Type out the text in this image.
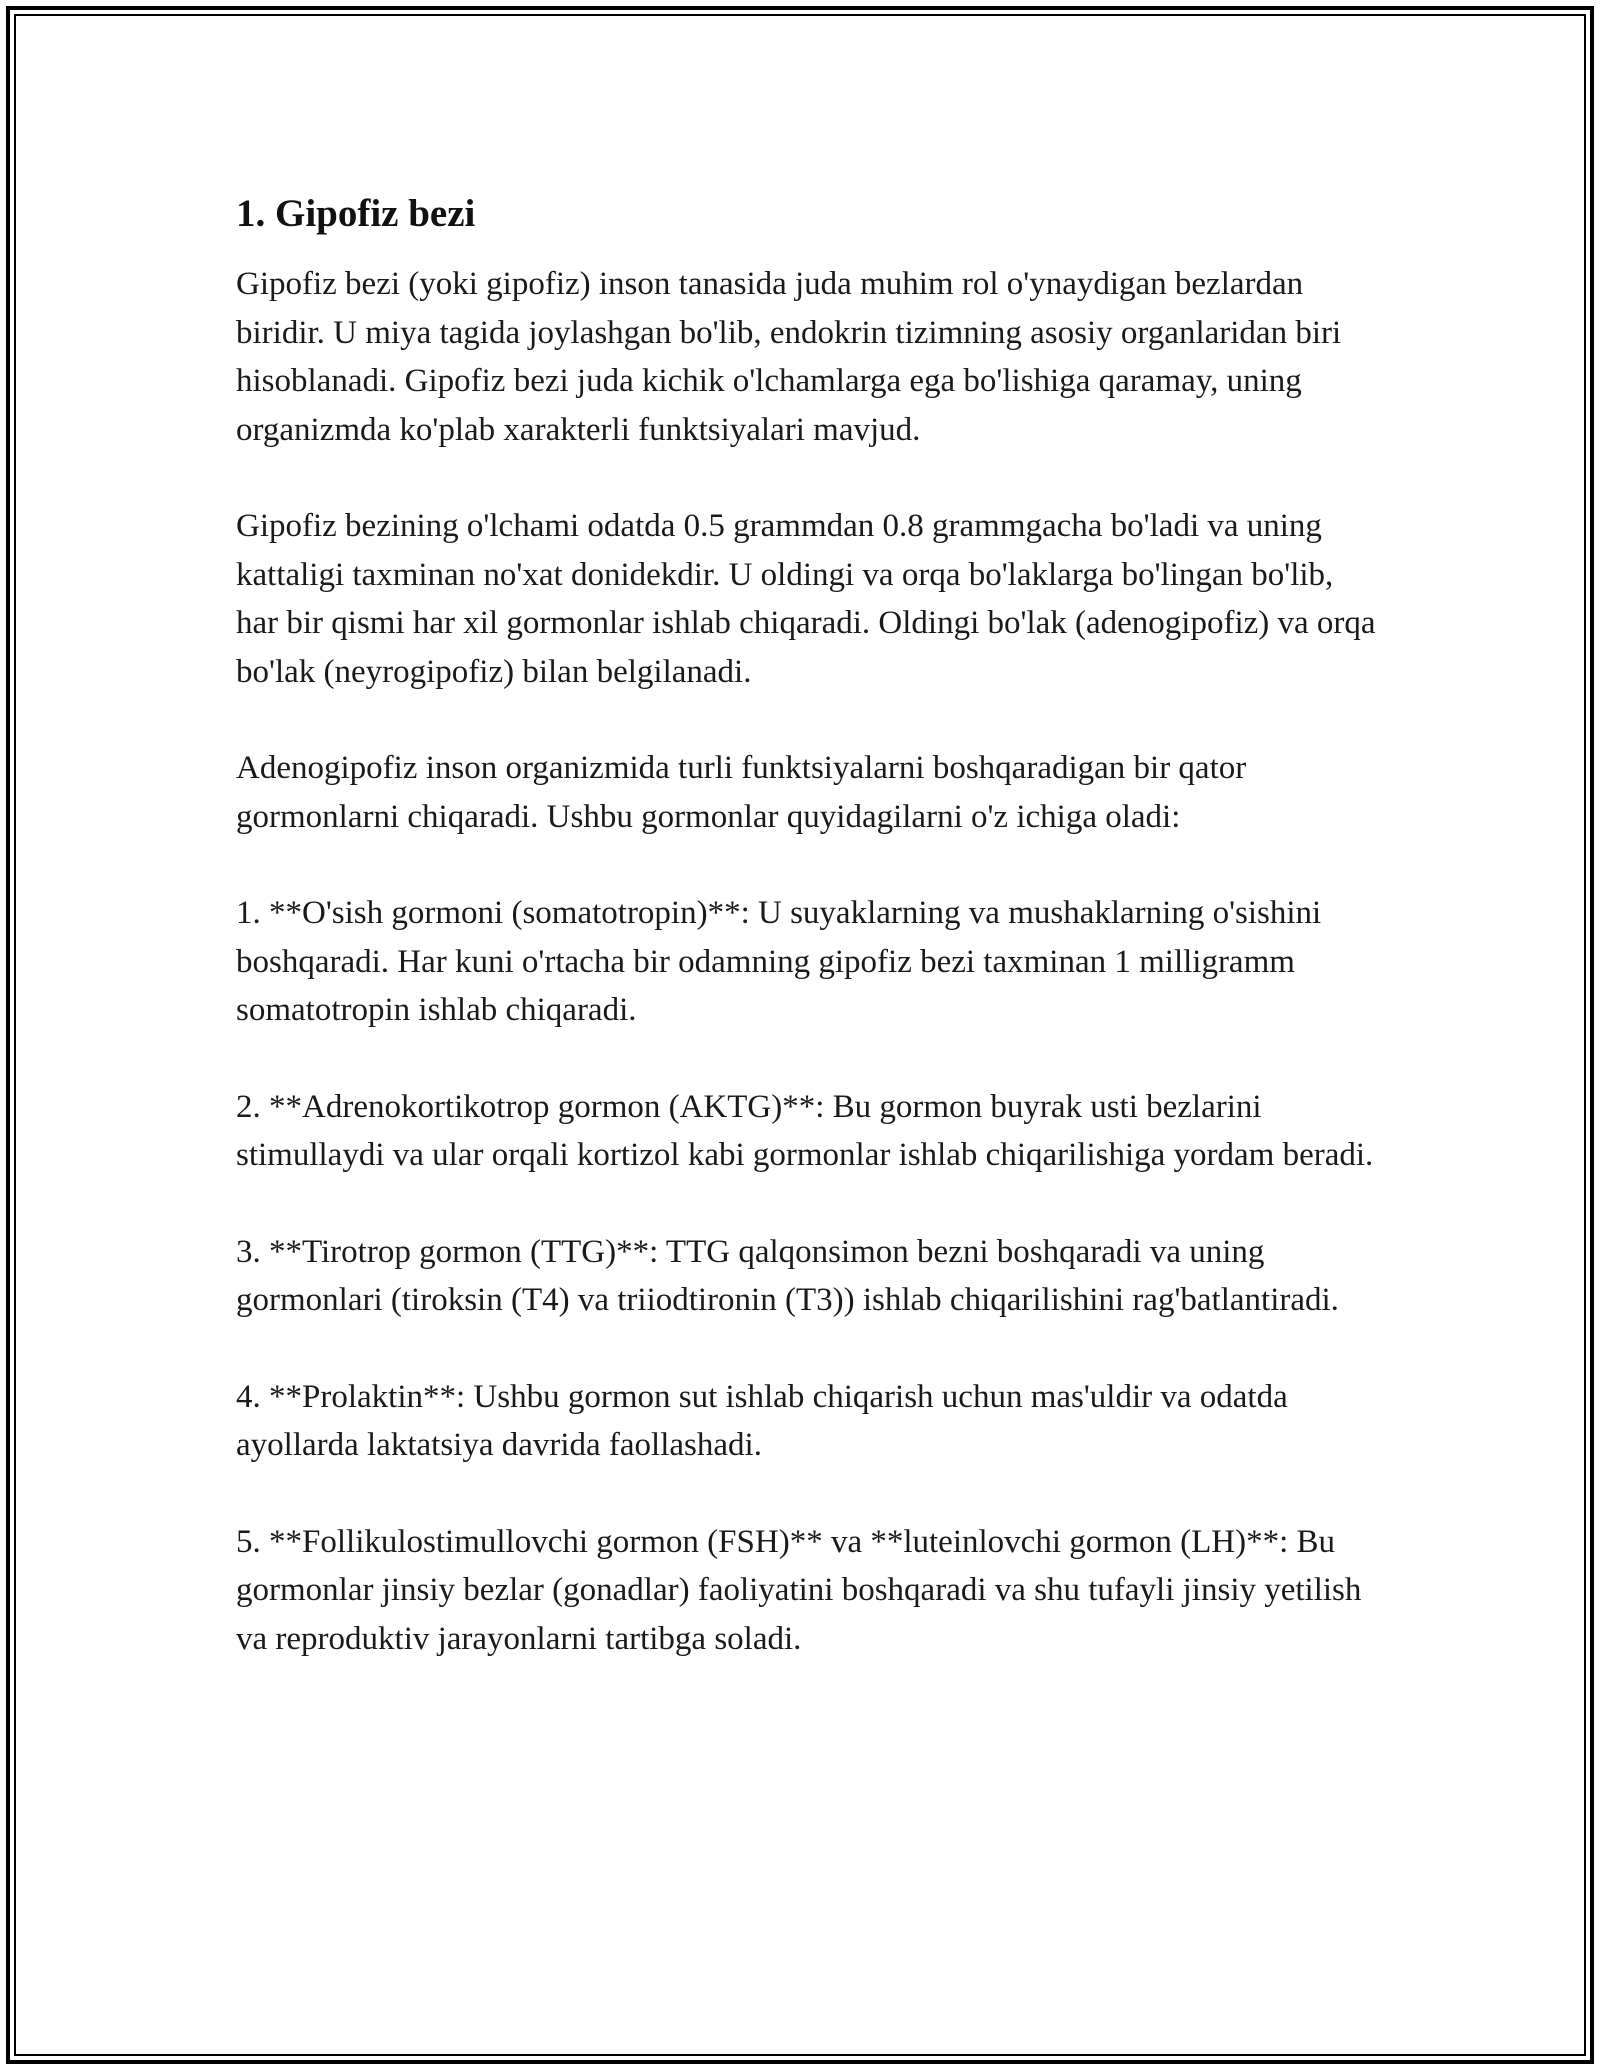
1. Gipofiz bezi

Gipofiz bezi (yoki gipofiz) inson tanasida juda muhim rol o'ynaydigan bezlardan biridir. U miya tagida joylashgan bo'lib, endokrin tizimning asosiy organlaridan biri hisoblanadi. Gipofiz bezi juda kichik o'lchamlarga ega bo'lishiga qaramay, uning organizmda ko'plab xarakterli funktsiyalari mavjud.

Gipofiz bezining o'lchami odatda 0.5 grammdan 0.8 grammgacha bo'ladi va uning kattaligi taxminan no'xat donidekdir. U oldingi va orqa bo'laklarga bo'lingan bo'lib, har bir qismi har xil gormonlar ishlab chiqaradi. Oldingi bo'lak (adenogipofiz) va orqa bo'lak (neyrogipofiz) bilan belgilanadi.

Adenogipofiz inson organizmida turli funktsiyalarni boshqaradigan bir qator gormonlarni chiqaradi. Ushbu gormonlar quyidagilarni o'z ichiga oladi:

1. **O'sish gormoni (somatotropin)**: U suyaklarning va mushaklarning o'sishini boshqaradi. Har kuni o'rtacha bir odamning gipofiz bezi taxminan 1 milligramm somatotropin ishlab chiqaradi.

2. **Adrenokortikotrop gormon (AKTG)**: Bu gormon buyrak usti bezlarini stimullaydi va ular orqali kortizol kabi gormonlar ishlab chiqarilishiga yordam beradi.

3. **Tirotrop gormon (TTG)**: TTG qalqonsimon bezni boshqaradi va uning gormonlari (tiroksin (T4) va triiodtironin (T3)) ishlab chiqarilishini rag'batlantiradi.

4. **Prolaktin**: Ushbu gormon sut ishlab chiqarish uchun mas'uldir va odatda ayollarda laktatsiya davrida faollashadi.

5. **Follikulostimullovchi gormon (FSH)** va **luteinlovchi gormon (LH)**: Bu gormonlar jinsiy bezlar (gonadlar) faoliyatini boshqaradi va shu tufayli jinsiy yetilish va reproduktiv jarayonlarni tartibga soladi.
